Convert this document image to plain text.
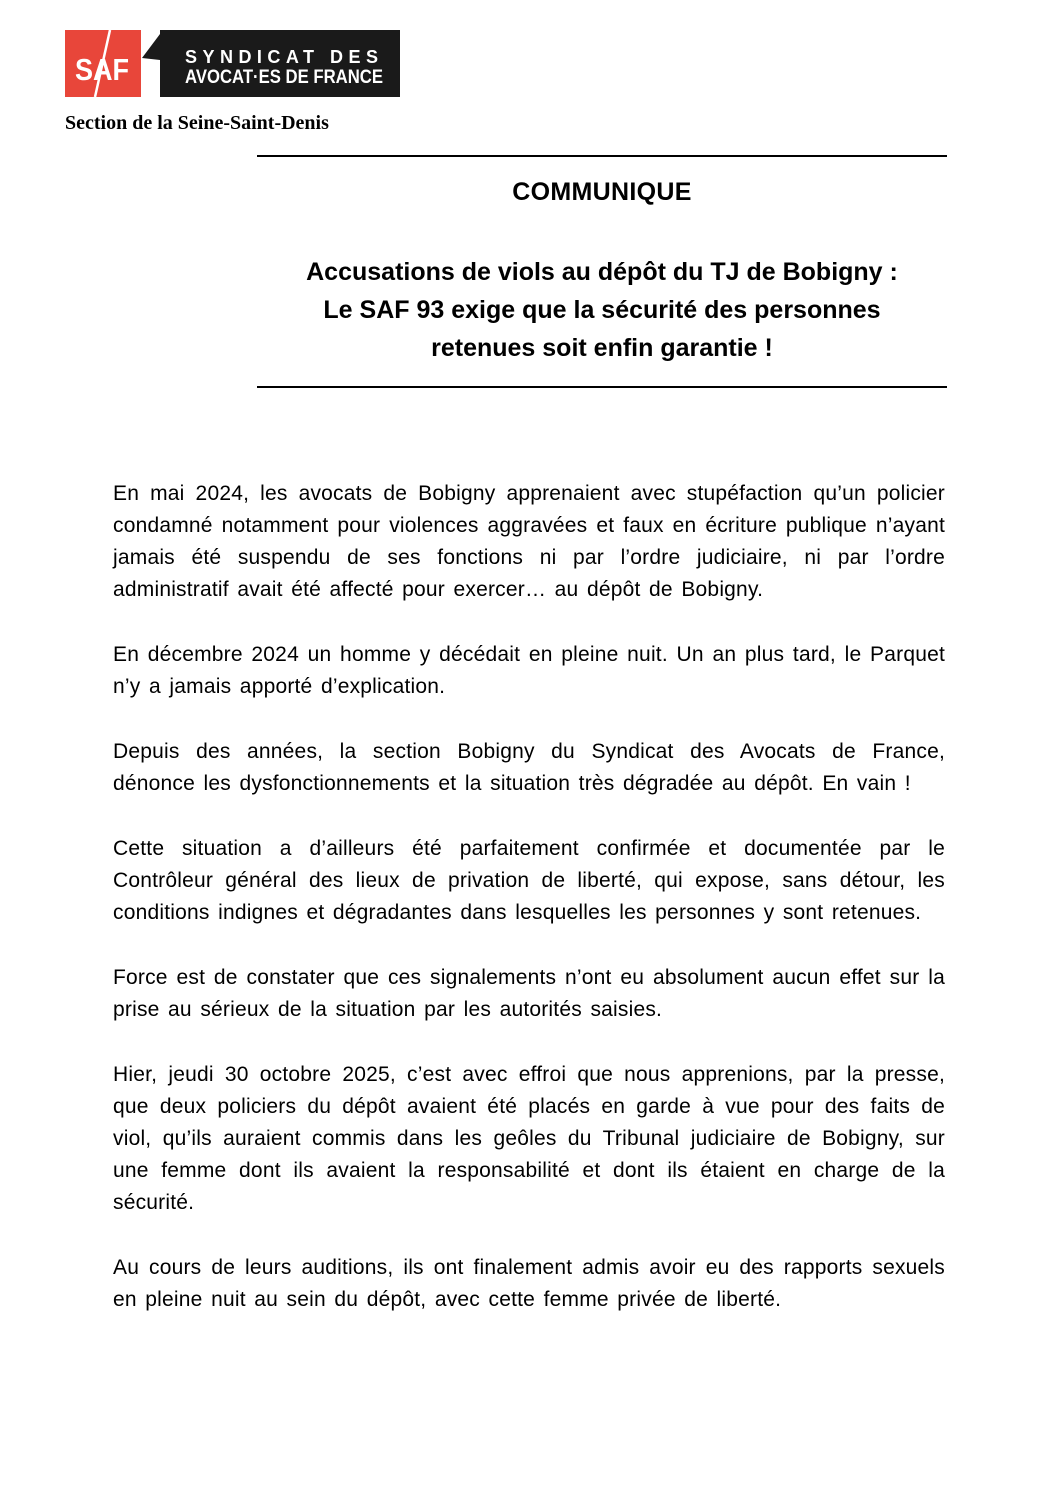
SAF	SYNDICAT DES
AVOCAT·ES DE FRANCE
Section de la Seine-Saint-Denis
COMMUNIQUE
Accusations de viols au dépôt du TJ de Bobigny :
Le SAF 93 exige que la sécurité des personnes
retenues soit enfin garantie !

En mai 2024, les avocats de Bobigny apprenaient avec stupéfaction qu’un policier condamné notamment pour violences aggravées et faux en écriture publique n’ayant jamais été suspendu de ses fonctions ni par l’ordre judiciaire, ni par l’ordre administratif avait été affecté pour exercer… au dépôt de Bobigny.

En décembre 2024 un homme y décédait en pleine nuit. Un an plus tard, le Parquet n’y a jamais apporté d’explication.

Depuis des années, la section Bobigny du Syndicat des Avocats de France, dénonce les dysfonctionnements et la situation très dégradée au dépôt. En vain !

Cette situation a d’ailleurs été parfaitement confirmée et documentée par le Contrôleur général des lieux de privation de liberté, qui expose, sans détour, les conditions indignes et dégradantes dans lesquelles les personnes y sont retenues.

Force est de constater que ces signalements n’ont eu absolument aucun effet sur la prise au sérieux de la situation par les autorités saisies.

Hier, jeudi 30 octobre 2025, c’est avec effroi que nous apprenions, par la presse, que deux policiers du dépôt avaient été placés en garde à vue pour des faits de viol, qu’ils auraient commis dans les geôles du Tribunal judiciaire de Bobigny, sur une femme dont ils avaient la responsabilité et dont ils étaient en charge de la sécurité.

Au cours de leurs auditions, ils ont finalement admis avoir eu des rapports sexuels en pleine nuit au sein du dépôt, avec cette femme privée de liberté.
